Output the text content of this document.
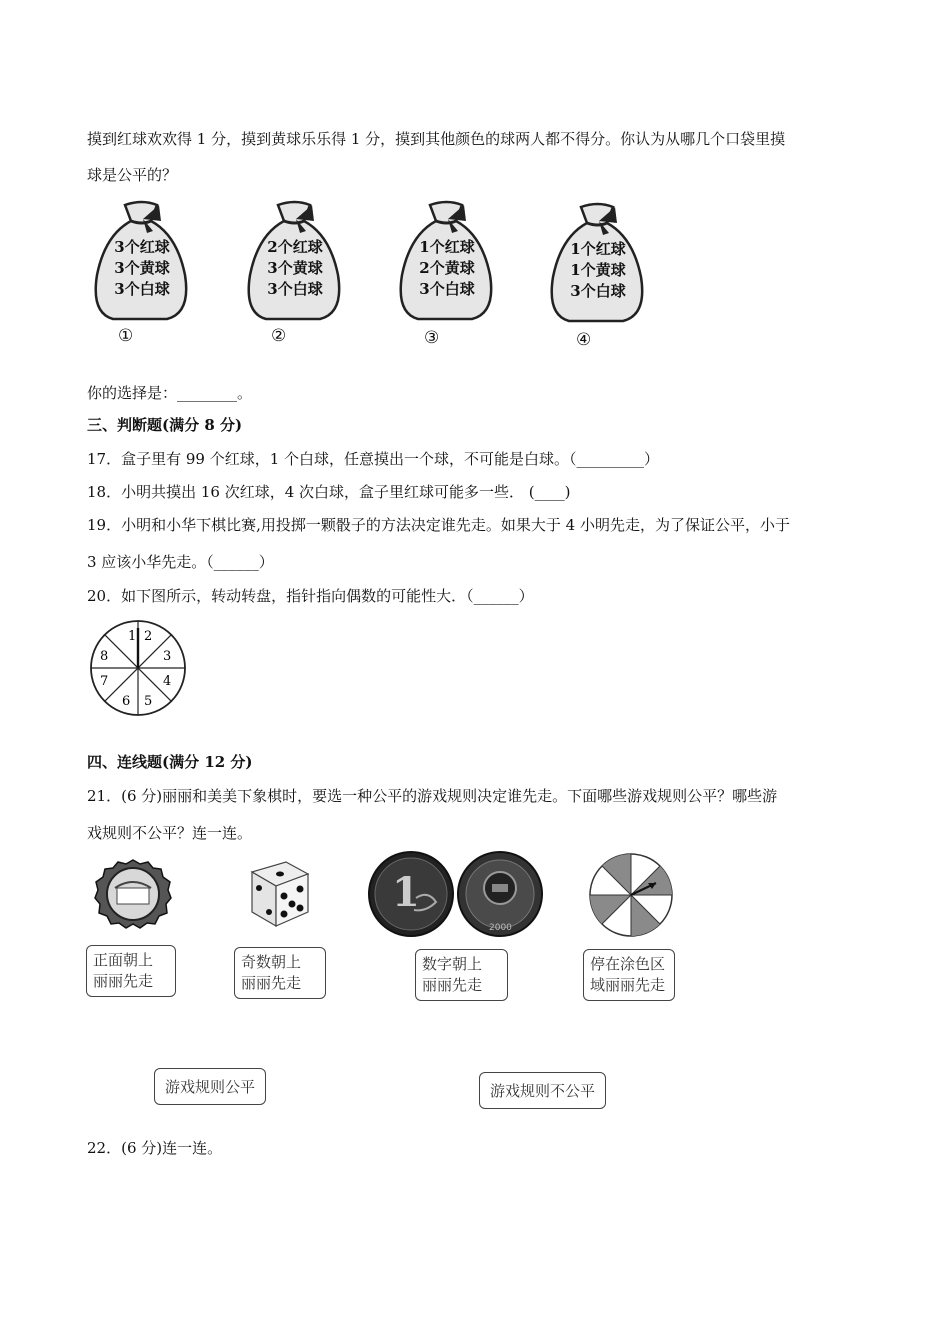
摸到红球欢欢得 1 分，摸到黄球乐乐得 1 分，摸到其他颜色的球两人都不得分。你认为从哪几个口袋里摸
球是公平的？
3个红球
3个黄球
3个白球
①
2个红球
3个黄球
3个白球
②
1个红球
2个黄球
3个白球
③
1个红球
1个黄球
3个白球
④
你的选择是：________。
三、判断题(满分 8 分)
17．盒子里有 99 个红球，1 个白球，任意摸出一个球，不可能是白球。（_________）
18．小明共摸出 16 次红球，4 次白球，盒子里红球可能多一些． (____)
19．小明和小华下棋比赛,用投掷一颗骰子的方法决定谁先走。如果大于 4 小明先走，为了保证公平，小于
3 应该小华先走。（______）
20．如下图所示，转动转盘，指针指向偶数的可能性大．（______）
1 2
3
4
5
6
7
8
四、连线题(满分 12 分)
21．(6 分)丽丽和美美下象棋时，要选一种公平的游戏规则决定谁先走。下面哪些游戏规则公平？哪些游
戏规则不公平？连一连。
1
2000
正面朝上
丽丽先走
奇数朝上
丽丽先走
数字朝上
丽丽先走
停在涂色区
域丽丽先走
游戏规则公平	游戏规则不公平
22．(6 分)连一连。
